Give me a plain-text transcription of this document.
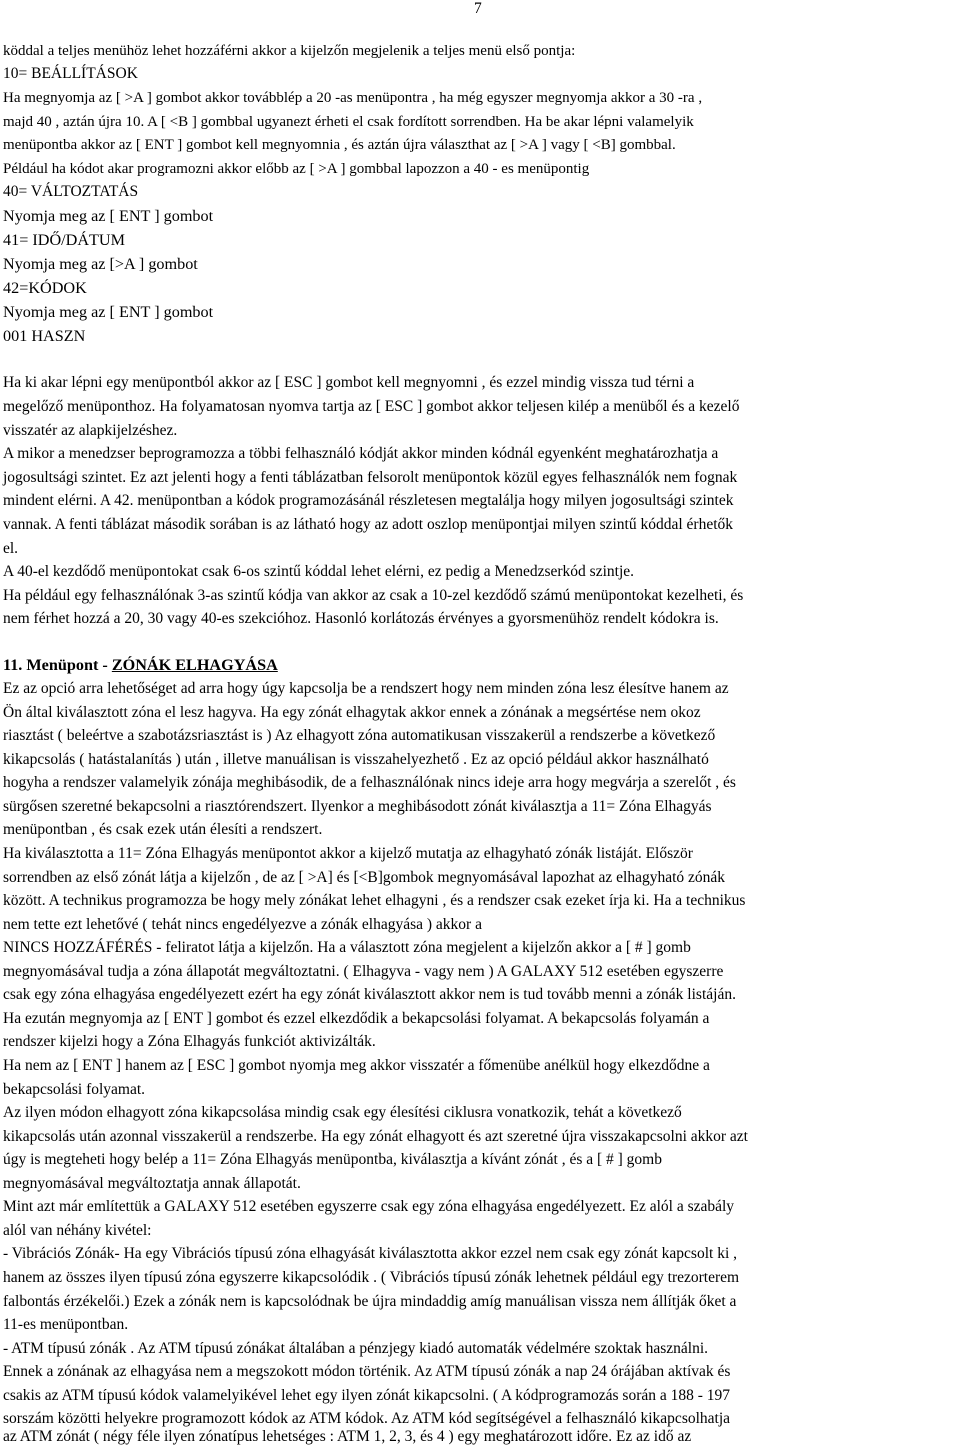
7
köddal a teljes menühöz lehet hozzáférni akkor a kijelzőn megjelenik a teljes menü első pontja:
10= BEÁLLÍTÁSOK
Ha megnyomja az [ >A ] gombot akkor továbblép a 20 -as menüpontra , ha még egyszer megnyomja akkor a 30 -ra ,
majd 40 , aztán újra 10. A [ <B ] gombbal ugyanezt érheti el csak fordított sorrendben. Ha be akar lépni valamelyik
menüpontba akkor az [ ENT ] gombot kell megnyomnia , és aztán újra választhat az [ >A ] vagy [ <B] gombbal.
Például ha kódot akar programozni akkor előbb az [ >A ] gombbal lapozzon a 40 - es menüpontig
40= VÁLTOZTATÁS
Nyomja meg az [ ENT ] gombot
41= IDŐ/DÁTUM
Nyomja meg az [>A ] gombot
42=KÓDOK
Nyomja meg az [ ENT ] gombot
001 HASZN
Ha ki akar lépni egy menüpontból akkor az [ ESC ] gombot kell megnyomni , és ezzel mindig vissza tud térni a
megelőző menüponthoz. Ha folyamatosan nyomva tartja az [ ESC ] gombot akkor teljesen kilép a menüből és a kezelő
visszatér az alapkijelzéshez.
A mikor a menedzser beprogramozza a többi felhasználó kódját akkor minden kódnál egyenként meghatározhatja a
jogosultsági szintet. Ez azt jelenti hogy a fenti táblázatban felsorolt menüpontok közül egyes felhasználók nem fognak
mindent elérni. A 42. menüpontban a kódok programozásánál részletesen megtalálja hogy milyen jogosultsági szintek
vannak. A fenti táblázat második sorában is az látható hogy az adott oszlop menüpontjai milyen szintű kóddal érhetők
el.
A 40-el kezdődő menüpontokat csak 6-os szintű kóddal lehet elérni, ez pedig a Menedzserkód szintje.
Ha például egy felhasználónak 3-as szintű kódja van akkor az csak a 10-zel kezdődő számú menüpontokat kezelheti, és
nem férhet hozzá a 20, 30 vagy 40-es szekcióhoz. Hasonló korlátozás érvényes a gyorsmenühöz rendelt kódokra is.
11. Menüpont - ZÓNÁK ELHAGYÁSA
Ez az opció arra lehetőséget ad arra hogy úgy kapcsolja be a rendszert hogy nem minden zóna lesz élesítve hanem az
Ön által kiválasztott zóna el lesz hagyva. Ha egy zónát elhagytak akkor ennek a zónának a megsértése nem okoz
riasztást ( beleértve a szabotázsriasztást is ) Az elhagyott zóna automatikusan visszakerül a rendszerbe a következő
kikapcsolás ( hatástalanítás ) után , illetve manuálisan is visszahelyezhető . Ez az opció például akkor használható
hogyha a rendszer valamelyik zónája meghibásodik, de a felhasználónak nincs ideje arra hogy megvárja a szerelőt , és
sürgősen szeretné bekapcsolni a riasztórendszert. Ilyenkor a meghibásodott zónát kiválasztja a 11= Zóna Elhagyás
menüpontban , és csak ezek után élesíti a rendszert.
Ha kiválasztotta a 11= Zóna Elhagyás menüpontot akkor a kijelző mutatja az elhagyható zónák listáját. Először
sorrendben az első zónát látja a kijelzőn , de az [ >A] és [<B]gombok megnyomásával lapozhat az elhagyható zónák
között. A technikus programozza be hogy mely zónákat lehet elhagyni , és a rendszer csak ezeket írja ki. Ha a technikus
nem tette ezt lehetővé ( tehát nincs engedélyezve a zónák elhagyása ) akkor a
NINCS HOZZÁFÉRÉS - feliratot látja a kijelzőn. Ha a választott zóna megjelent a kijelzőn akkor a [ # ] gomb
megnyomásával tudja a zóna állapotát megváltoztatni. ( Elhagyva - vagy nem ) A GALAXY 512 esetében egyszerre
csak egy zóna elhagyása engedélyezett ezért ha egy zónát kiválasztott akkor nem is tud tovább menni a zónák listáján.
Ha ezután megnyomja az [ ENT ] gombot és ezzel elkezdődik a bekapcsolási folyamat. A bekapcsolás folyamán a
rendszer kijelzi hogy a Zóna Elhagyás funkciót aktivizálták.
Ha nem az [ ENT ] hanem az [ ESC ] gombot nyomja meg akkor visszatér a főmenübe anélkül hogy elkezdődne a
bekapcsolási folyamat.
Az ilyen módon elhagyott zóna kikapcsolása mindig csak egy élesítési ciklusra vonatkozik, tehát a következő
kikapcsolás után azonnal visszakerül a rendszerbe. Ha egy zónát elhagyott és azt szeretné újra visszakapcsolni akkor azt
úgy is megteheti hogy belép a 11= Zóna Elhagyás menüpontba, kiválasztja a kívánt zónát , és a [ # ] gomb
megnyomásával megváltoztatja annak állapotát.
Mint azt már említettük a GALAXY 512 esetében egyszerre csak egy zóna elhagyása engedélyezett. Ez alól a szabály
alól van néhány kivétel:
- Vibrációs Zónák- Ha egy Vibrációs típusú zóna elhagyását kiválasztotta akkor ezzel nem csak egy zónát kapcsolt ki ,
hanem az összes ilyen típusú zóna egyszerre kikapcsolódik . ( Vibrációs típusú zónák lehetnek például egy trezorterem
falbontás érzékelői.) Ezek a zónák nem is kapcsolódnak be újra mindaddig amíg manuálisan vissza nem állítják őket a
11-es menüpontban.
- ATM típusú zónák . Az ATM típusú zónákat általában a pénzjegy kiadó automaták védelmére szoktak használni.
Ennek a zónának az elhagyása nem a megszokott módon történik. Az ATM típusú zónák a nap 24 órájában aktívak és
csakis az ATM típusú kódok valamelyikével lehet egy ilyen zónát kikapcsolni. ( A kódprogramozás során a 188 - 197
sorszám közötti helyekre programozott kódok az ATM kódok. Az ATM kód segítségével a felhasználó kikapcsolhatja
az ATM zónát ( négy féle ilyen zónatípus lehetséges : ATM 1, 2, 3, és 4 ) egy meghatározott időre. Ez az idő az
